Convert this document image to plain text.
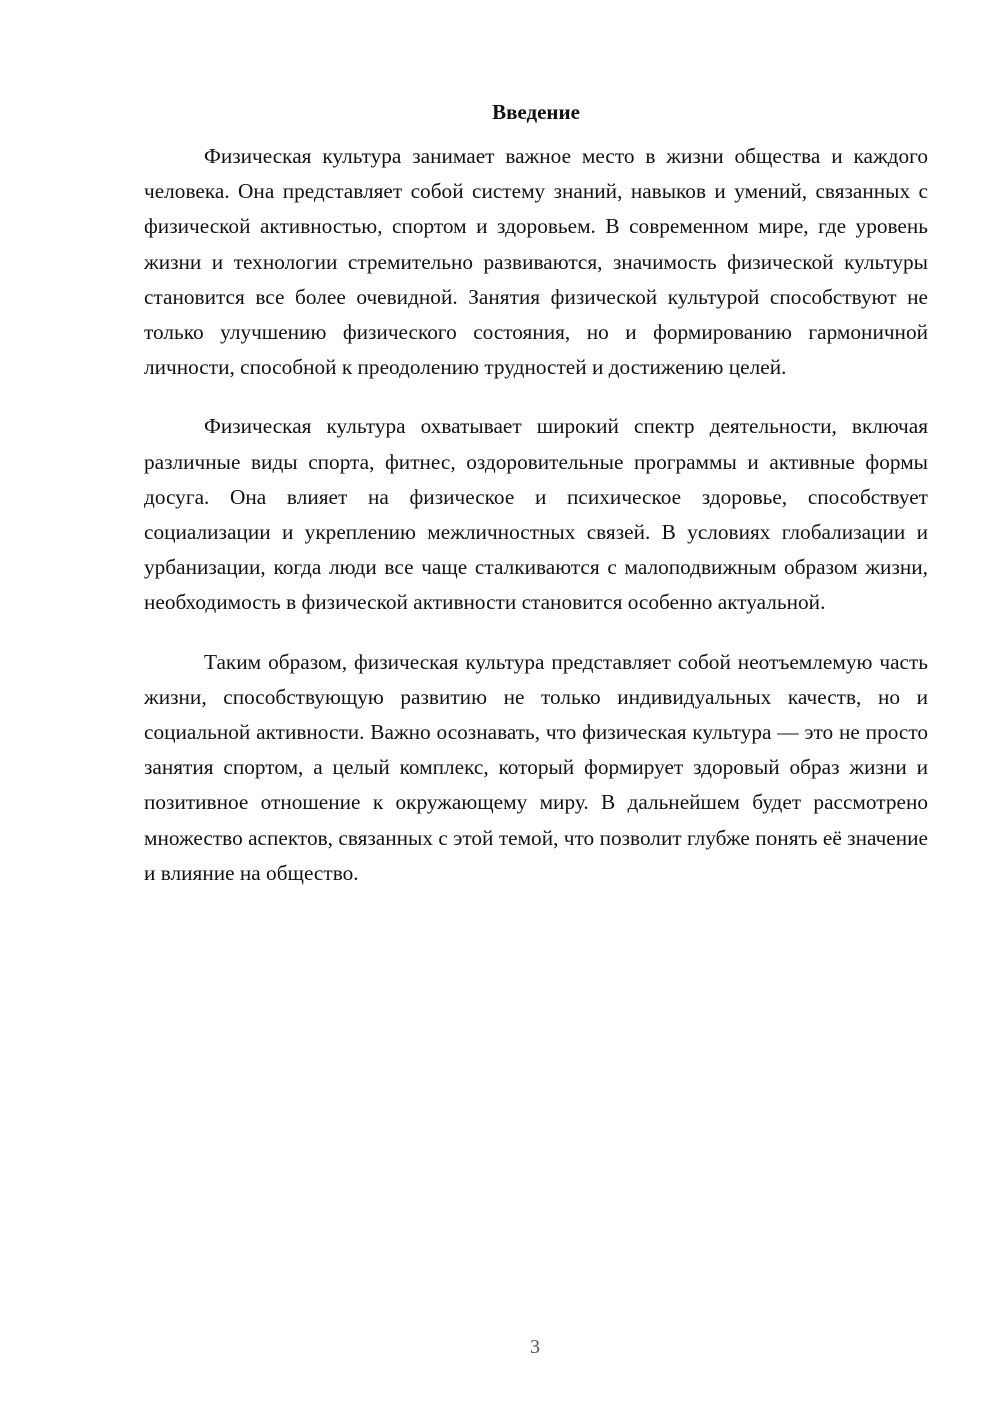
Введение

Физическая культура занимает важное место в жизни общества и каждого человека. Она представляет собой систему знаний, навыков и умений, связанных с физической активностью, спортом и здоровьем. В современном мире, где уровень жизни и технологии стремительно развиваются, значимость физической культуры становится все более очевидной. Занятия физической культурой способствуют не только улучшению физического состояния, но и формированию гармоничной личности, способной к преодолению трудностей и достижению целей.

Физическая культура охватывает широкий спектр деятельности, включая различные виды спорта, фитнес, оздоровительные программы и активные формы досуга. Она влияет на физическое и психическое здоровье, способствует социализации и укреплению межличностных связей. В условиях глобализации и урбанизации, когда люди все чаще сталкиваются с малоподвижным образом жизни, необходимость в физической активности становится особенно актуальной.

Таким образом, физическая культура представляет собой неотъемлемую часть жизни, способствующую развитию не только индивидуальных качеств, но и социальной активности. Важно осознавать, что физическая культура — это не просто занятия спортом, а целый комплекс, который формирует здоровый образ жизни и позитивное отношение к окружающему миру. В дальнейшем будет рассмотрено множество аспектов, связанных с этой темой, что позволит глубже понять её значение и влияние на общество.

3
